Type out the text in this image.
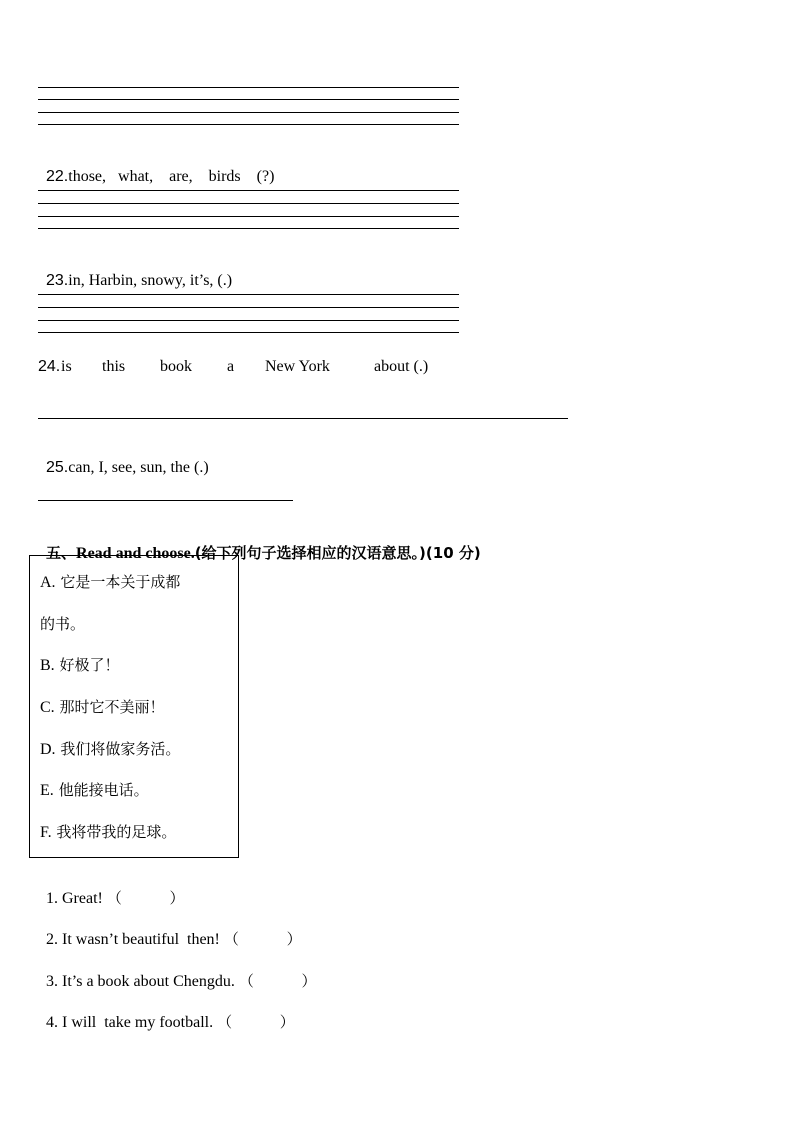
22.those,   what,    are,    birds    (?)

23.in, Harbin, snowy, it’s, (.)

24. is this book a New York	about (.)

25.can, I, see, sun, the (.)

五、Read and choose.(给下列句子选择相应的汉语意思。)(10 分)

A. 它是一本关于成都
的书。
B. 好极了！
C. 那时它不美丽！
D. 我们将做家务活。
E. 他能接电话。
F. 我将带我的足球。

1. Great! （          ）

2. It wasn’t beautiful  then! （          ）

3. It’s a book about Chengdu. （          ）

4. I will  take my football. （          ）
